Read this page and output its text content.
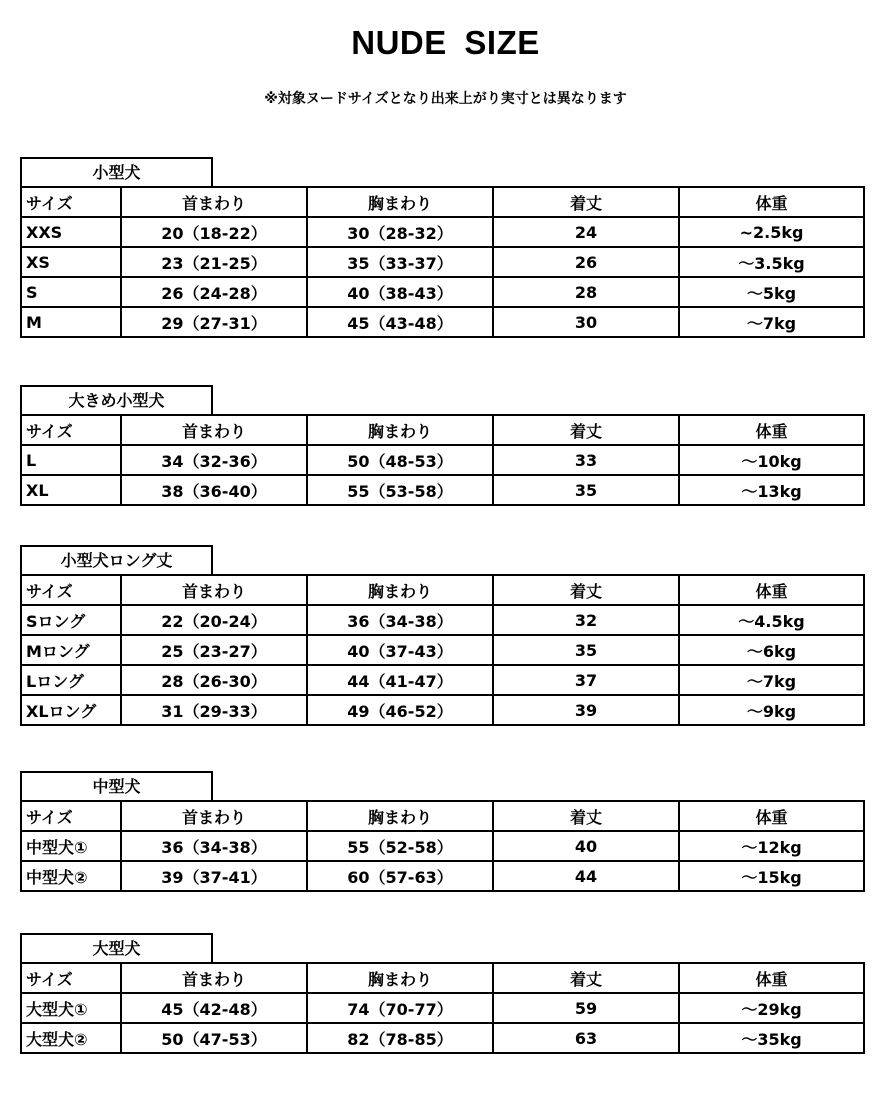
NUDE SIZE
※対象ヌードサイズとなり出来上がり実寸とは異なります
小型犬
サイズ	首まわり	胸まわり	着丈	体重
XXS	20（18-22）	30（28-32）	24	~2.5kg
XS	23（21-25）	35（33-37）	26	～3.5kg
S	26（24-28）	40（38-43）	28	～5kg
M	29（27-31）	45（43-48）	30	～7kg
大きめ小型犬
サイズ	首まわり	胸まわり	着丈	体重
L	34（32-36）	50（48-53）	33	～10kg
XL	38（36-40）	55（53-58）	35	～13kg
小型犬ロング丈
サイズ	首まわり	胸まわり	着丈	体重
Sロング	22（20-24）	36（34-38）	32	～4.5kg
Mロング	25（23-27）	40（37-43）	35	～6kg
Lロング	28（26-30）	44（41-47）	37	～7kg
XLロング	31（29-33）	49（46-52）	39	～9kg
中型犬
サイズ	首まわり	胸まわり	着丈	体重
中型犬①	36（34-38）	55（52-58）	40	～12kg
中型犬②	39（37-41）	60（57-63）	44	～15kg
大型犬
サイズ	首まわり	胸まわり	着丈	体重
大型犬①	45（42-48）	74（70-77）	59	～29kg
大型犬②	50（47-53）	82（78-85）	63	～35kg
